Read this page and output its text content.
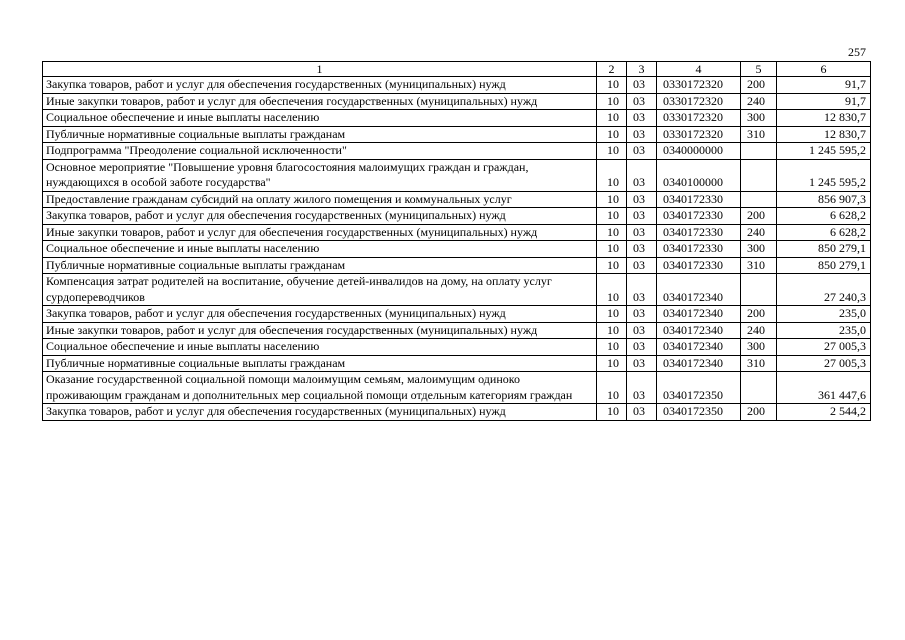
257
1	2	3	4	5	6
Закупка товаров, работ и услуг для обеспечения государственных (муниципальных) нужд	10	03	0330172320	200	91,7
Иные закупки товаров, работ и услуг для обеспечения государственных (муниципальных) нужд	10	03	0330172320	240	91,7
Социальное обеспечение и иные выплаты населению	10	03	0330172320	300	12 830,7
Публичные нормативные социальные выплаты гражданам	10	03	0330172320	310	12 830,7
Подпрограмма "Преодоление социальной исключенности"	10	03	0340000000		1 245 595,2
Основное мероприятие "Повышение уровня благосостояния малоимущих граждан и граждан, нуждающихся в особой заботе государства"	10	03	0340100000		1 245 595,2
Предоставление гражданам субсидий на оплату жилого помещения и коммунальных услуг	10	03	0340172330		856 907,3
Закупка товаров, работ и услуг для обеспечения государственных (муниципальных) нужд	10	03	0340172330	200	6 628,2
Иные закупки товаров, работ и услуг для обеспечения государственных (муниципальных) нужд	10	03	0340172330	240	6 628,2
Социальное обеспечение и иные выплаты населению	10	03	0340172330	300	850 279,1
Публичные нормативные социальные выплаты гражданам	10	03	0340172330	310	850 279,1
Компенсация затрат родителей на воспитание, обучение детей-инвалидов на дому, на оплату услуг сурдопереводчиков	10	03	0340172340		27 240,3
Закупка товаров, работ и услуг для обеспечения государственных (муниципальных) нужд	10	03	0340172340	200	235,0
Иные закупки товаров, работ и услуг для обеспечения государственных (муниципальных) нужд	10	03	0340172340	240	235,0
Социальное обеспечение и иные выплаты населению	10	03	0340172340	300	27 005,3
Публичные нормативные социальные выплаты гражданам	10	03	0340172340	310	27 005,3
Оказание государственной социальной помощи малоимущим семьям, малоимущим одиноко проживающим гражданам и дополнительных мер социальной помощи отдельным категориям граждан	10	03	0340172350		361 447,6
Закупка товаров, работ и услуг для обеспечения государственных (муниципальных) нужд	10	03	0340172350	200	2 544,2
